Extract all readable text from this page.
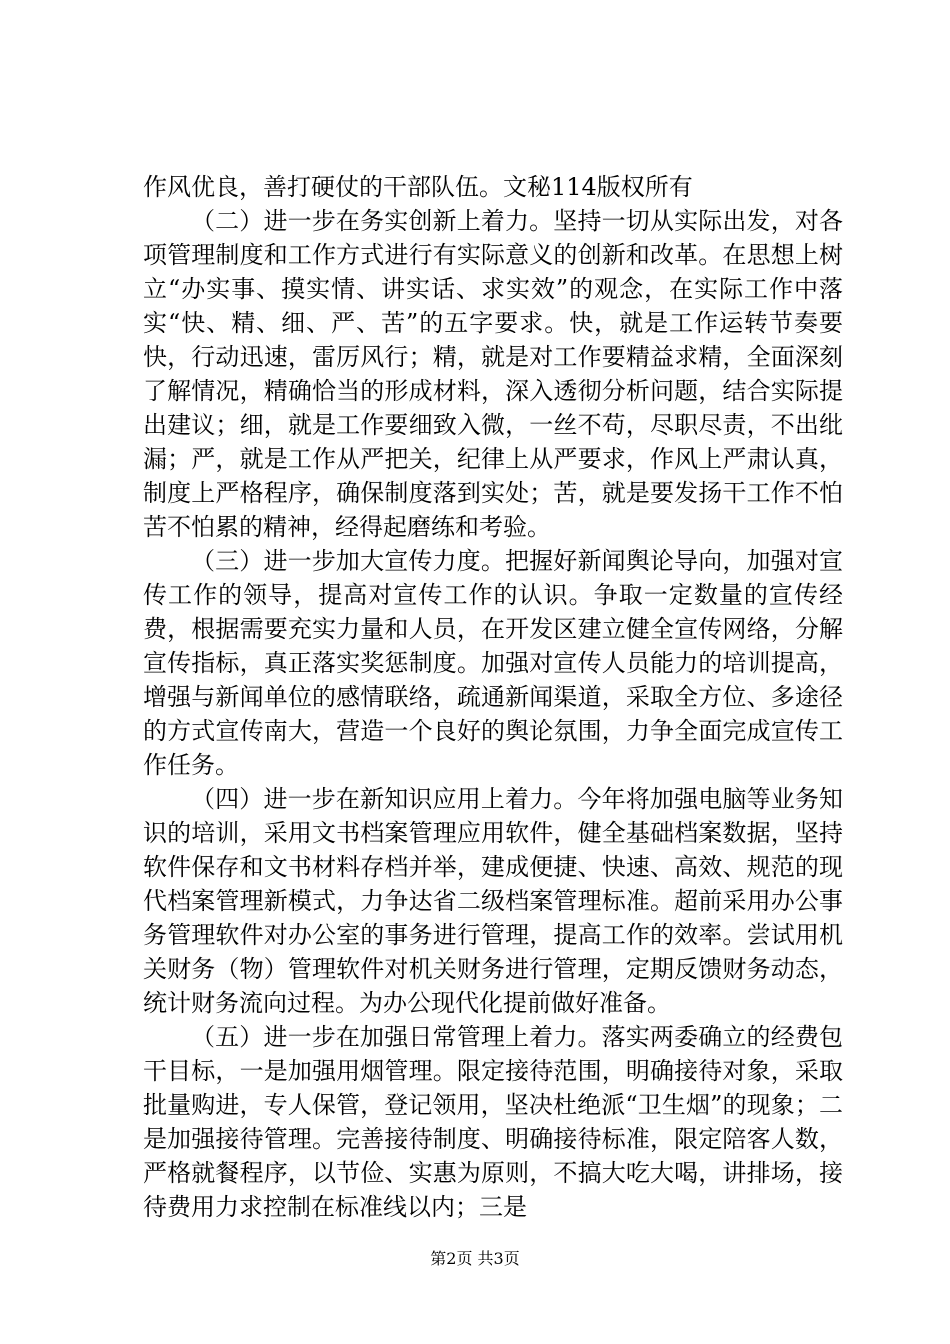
作风优良，善打硬仗的干部队伍。文秘114版权所有

（二）进一步在务实创新上着力。坚持一切从实际出发，对各项管理制度和工作方式进行有实际意义的创新和改革。在思想上树立“办实事、摸实情、讲实话、求实效”的观念，在实际工作中落实“快、精、细、严、苦”的五字要求。快，就是工作运转节奏要快，行动迅速，雷厉风行；精，就是对工作要精益求精，全面深刻了解情况，精确恰当的形成材料，深入透彻分析问题，结合实际提出建议；细，就是工作要细致入微，一丝不苟，尽职尽责，不出纰漏；严，就是工作从严把关，纪律上从严要求，作风上严肃认真，制度上严格程序，确保制度落到实处；苦，就是要发扬干工作不怕苦不怕累的精神，经得起磨练和考验。

（三）进一步加大宣传力度。把握好新闻舆论导向，加强对宣传工作的领导，提高对宣传工作的认识。争取一定数量的宣传经费，根据需要充实力量和人员，在开发区建立健全宣传网络，分解宣传指标，真正落实奖惩制度。加强对宣传人员能力的培训提高，增强与新闻单位的感情联络，疏通新闻渠道，采取全方位、多途径的方式宣传南大，营造一个良好的舆论氛围，力争全面完成宣传工作任务。

（四）进一步在新知识应用上着力。今年将加强电脑等业务知识的培训，采用文书档案管理应用软件，健全基础档案数据，坚持软件保存和文书材料存档并举，建成便捷、快速、高效、规范的现代档案管理新模式，力争达省二级档案管理标准。超前采用办公事务管理软件对办公室的事务进行管理，提高工作的效率。尝试用机关财务（物）管理软件对机关财务进行管理，定期反馈财务动态，统计财务流向过程。为办公现代化提前做好准备。

（五）进一步在加强日常管理上着力。落实两委确立的经费包干目标，一是加强用烟管理。限定接待范围，明确接待对象，采取批量购进，专人保管，登记领用，坚决杜绝派“卫生烟”的现象；二是加强接待管理。完善接待制度、明确接待标准，限定陪客人数，严格就餐程序，以节俭、实惠为原则，不搞大吃大喝，讲排场，接待费用力求控制在标准线以内；三是

第2页 共3页
